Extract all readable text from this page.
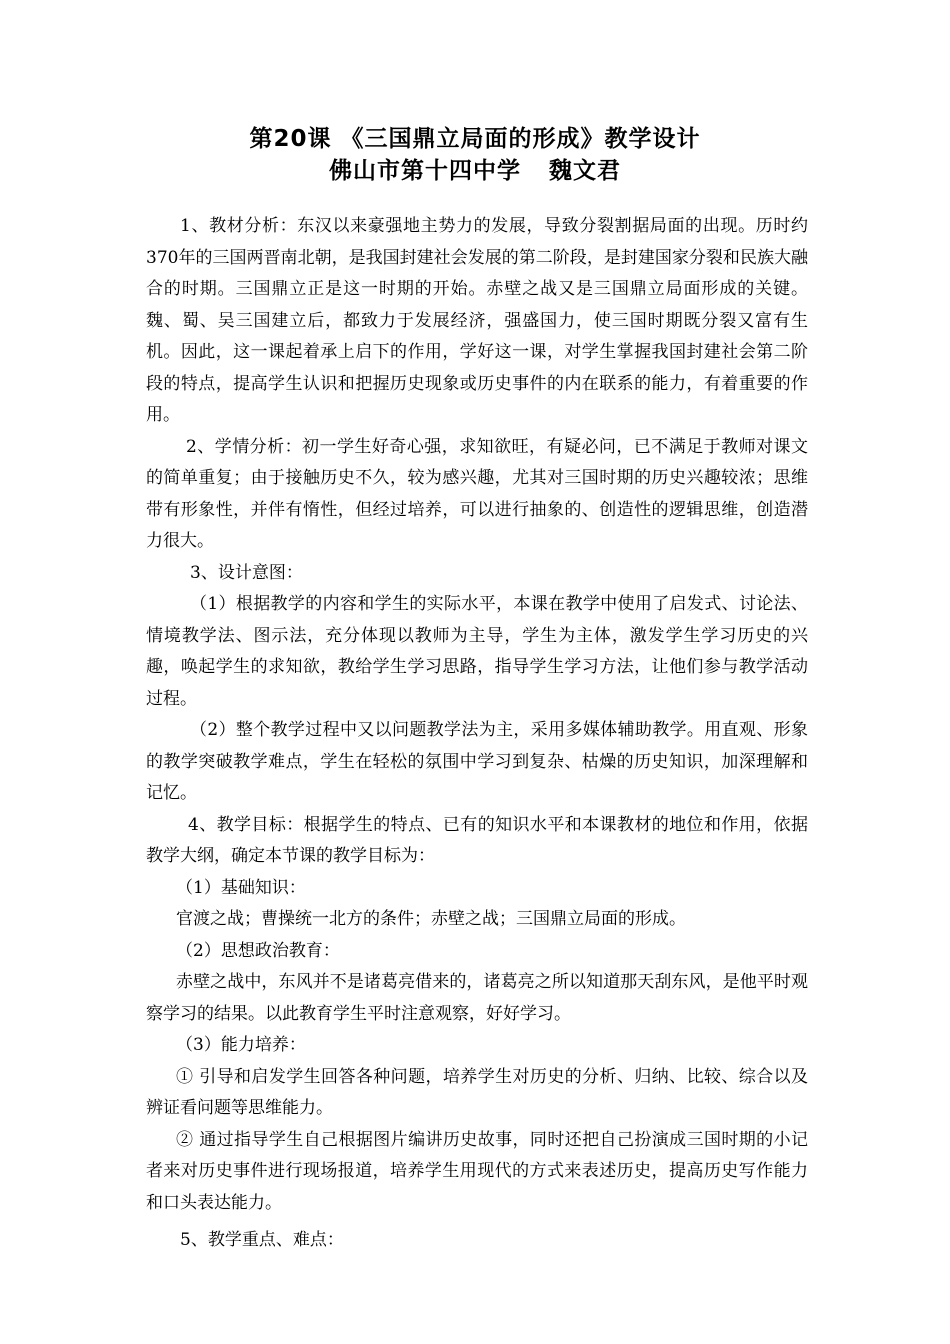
第20课 《三国鼎立局面的形成》教学设计
佛山市第十四中学 魏文君

1、教材分析：东汉以来豪强地主势力的发展，导致分裂割据局面的出现。历时约370年的三国两晋南北朝，是我国封建社会发展的第二阶段，是封建国家分裂和民族大融合的时期。三国鼎立正是这一时期的开始。赤壁之战又是三国鼎立局面形成的关键。魏、蜀、吴三国建立后，都致力于发展经济，强盛国力，使三国时期既分裂又富有生机。因此，这一课起着承上启下的作用，学好这一课，对学生掌握我国封建社会第二阶段的特点，提高学生认识和把握历史现象或历史事件的内在联系的能力，有着重要的作用。

2、学情分析：初一学生好奇心强，求知欲旺，有疑必问，已不满足于教师对课文的简单重复；由于接触历史不久，较为感兴趣，尤其对三国时期的历史兴趣较浓；思维带有形象性，并伴有惰性，但经过培养，可以进行抽象的、创造性的逻辑思维，创造潜力很大。

3、设计意图：

（1）根据教学的内容和学生的实际水平，本课在教学中使用了启发式、讨论法、情境教学法、图示法，充分体现以教师为主导，学生为主体，激发学生学习历史的兴趣，唤起学生的求知欲，教给学生学习思路，指导学生学习方法，让他们参与教学活动过程。

（2）整个教学过程中又以问题教学法为主，采用多媒体辅助教学。用直观、形象的教学突破教学难点，学生在轻松的氛围中学习到复杂、枯燥的历史知识，加深理解和记忆。

4、教学目标：根据学生的特点、已有的知识水平和本课教材的地位和作用，依据教学大纲，确定本节课的教学目标为：

（1）基础知识：

官渡之战；曹操统一北方的条件；赤壁之战；三国鼎立局面的形成。

（2）思想政治教育：

赤壁之战中，东风并不是诸葛亮借来的，诸葛亮之所以知道那天刮东风，是他平时观察学习的结果。以此教育学生平时注意观察，好好学习。

（3）能力培养：

① 引导和启发学生回答各种问题，培养学生对历史的分析、归纳、比较、综合以及辨证看问题等思维能力。

② 通过指导学生自己根据图片编讲历史故事，同时还把自己扮演成三国时期的小记者来对历史事件进行现场报道，培养学生用现代的方式来表述历史，提高历史写作能力和口头表达能力。

5、教学重点、难点：
